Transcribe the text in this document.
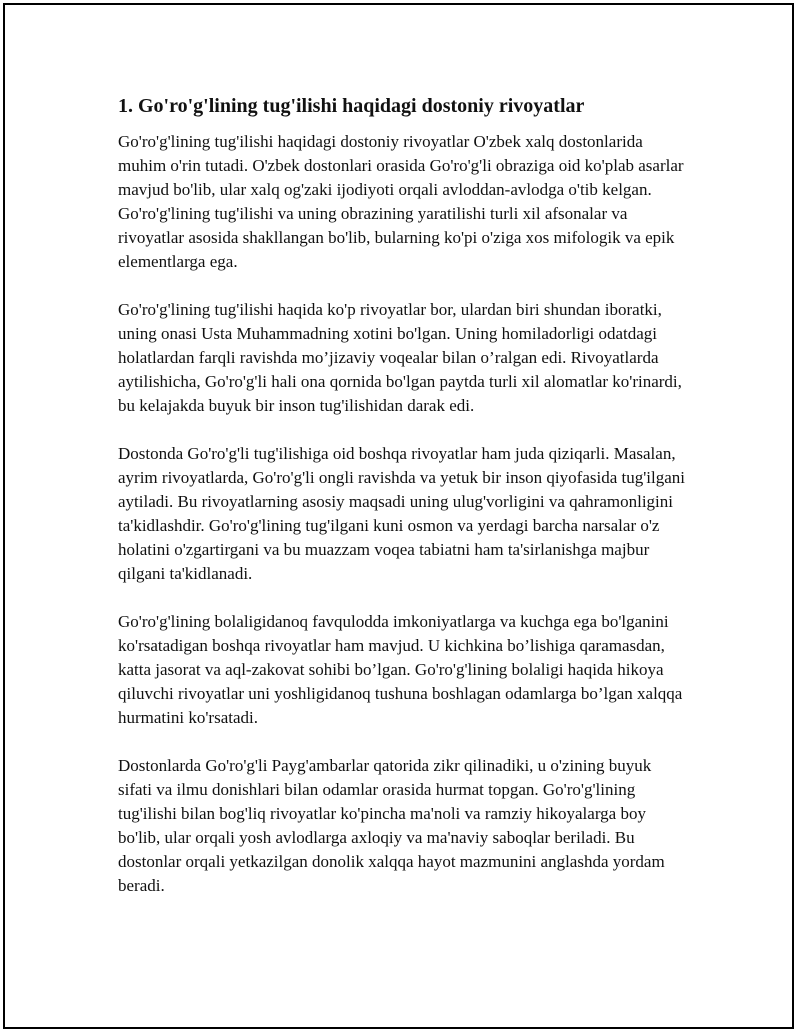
1. Go'ro'g'lining tug'ilishi haqidagi dostoniy rivoyatlar

Go'ro'g'lining tug'ilishi haqidagi dostoniy rivoyatlar O'zbek xalq dostonlarida muhim o'rin tutadi. O'zbek dostonlari orasida Go'ro'g'li obraziga oid ko'plab asarlar mavjud bo'lib, ular xalq og'zaki ijodiyoti orqali avloddan-avlodga o'tib kelgan. Go'ro'g'lining tug'ilishi va uning obrazining yaratilishi turli xil afsonalar va rivoyatlar asosida shakllangan bo'lib, bularning ko'pi o'ziga xos mifologik va epik elementlarga ega.

Go'ro'g'lining tug'ilishi haqida ko'p rivoyatlar bor, ulardan biri shundan iboratki, uning onasi Usta Muhammadning xotini bo'lgan. Uning homiladorligi odatdagi holatlardan farqli ravishda mo’jizaviy voqealar bilan o’ralgan edi. Rivoyatlarda aytilishicha, Go'ro'g'li hali ona qornida bo'lgan paytda turli xil alomatlar ko'rinardi, bu kelajakda buyuk bir inson tug'ilishidan darak edi.

Dostonda Go'ro'g'li tug'ilishiga oid boshqa rivoyatlar ham juda qiziqarli. Masalan, ayrim rivoyatlarda, Go'ro'g'li ongli ravishda va yetuk bir inson qiyofasida tug'ilgani aytiladi. Bu rivoyatlarning asosiy maqsadi uning ulug'vorligini va qahramonligini ta'kidlashdir. Go'ro'g'lining tug'ilgani kuni osmon va yerdagi barcha narsalar o'z holatini o'zgartirgani va bu muazzam voqea tabiatni ham ta'sirlanishga majbur qilgani ta'kidlanadi.

Go'ro'g'lining bolaligidanoq favqulodda imkoniyatlarga va kuchga ega bo'lganini ko'rsatadigan boshqa rivoyatlar ham mavjud. U kichkina bo’lishiga qaramasdan, katta jasorat va aql-zakovat sohibi bo’lgan. Go'ro'g'lining bolaligi haqida hikoya qiluvchi rivoyatlar uni yoshligidanoq tushuna boshlagan odamlarga bo’lgan xalqqa hurmatini ko'rsatadi.

Dostonlarda Go'ro'g'li Payg'ambarlar qatorida zikr qilinadiki, u o'zining buyuk sifati va ilmu donishlari bilan odamlar orasida hurmat topgan. Go'ro'g'lining tug'ilishi bilan bog'liq rivoyatlar ko'pincha ma'noli va ramziy hikoyalarga boy bo'lib, ular orqali yosh avlodlarga axloqiy va ma'naviy saboqlar beriladi. Bu dostonlar orqali yetkazilgan donolik xalqqa hayot mazmunini anglashda yordam beradi.
